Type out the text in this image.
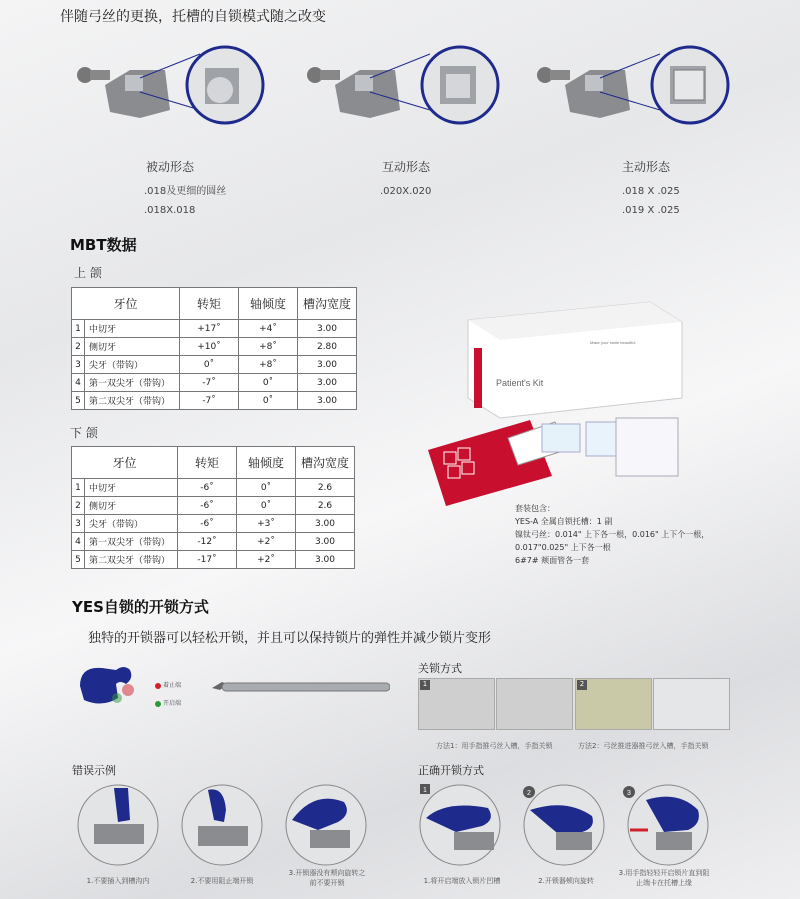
伴随弓丝的更换，托槽的自锁模式随之改变
被动形态
.018及更细的圆丝
.018X.018
互动形态
.020X.020
主动形态
.018 X .025
.019 X .025
MBT数据
上 颌
牙位		转矩	轴倾度	槽沟宽度
1	中切牙	+17˚	+4˚	3.00
2	侧切牙	+10˚	+8˚	2.80
3	尖牙（带钩）	0˚	+8˚	3.00
4	第一双尖牙（带钩）	-7˚	0˚	3.00
5	第二双尖牙（带钩）	-7˚	0˚	3.00
下 颌
牙位		转矩	轴倾度	槽沟宽度
1	中切牙	-6˚	0˚	2.6
2	侧切牙	-6˚	0˚	2.6
3	尖牙（带钩）	-6˚	+3˚	3.00
4	第一双尖牙（带钩）	-12˚	+2˚	3.00
5	第二双尖牙（带钩）	-17˚	+2˚	3.00
Patient's Kit
Make your smile beautiful
套装包含：
YES-A 全属自锁托槽：1 副
镍钛弓丝：0.014" 上下各一根，0.016" 上下个一根，
0.017"0.025" 上下各一根
6#7# 颊面管各一套
YES自锁的开锁方式
独特的开锁器可以轻松开锁，并且可以保持锁片的弹性并减少锁片变形
着止端
开启端
关锁方式
1	2
方法1：用手指推弓丝入槽，手指关锁	方法2：弓丝推进器推弓丝入槽，手指关锁
错误示例
1.不要插入到槽沟内	2.不要用阻止端开锁
3.开锁器没有颊向旋转之前不要开锁
正确开锁方式
1	2	3
1.将开启端放入锁片凹槽	2.开锁器颊向旋转
3.用手指轻轻开启锁片直到阻止端卡在托槽上缘
